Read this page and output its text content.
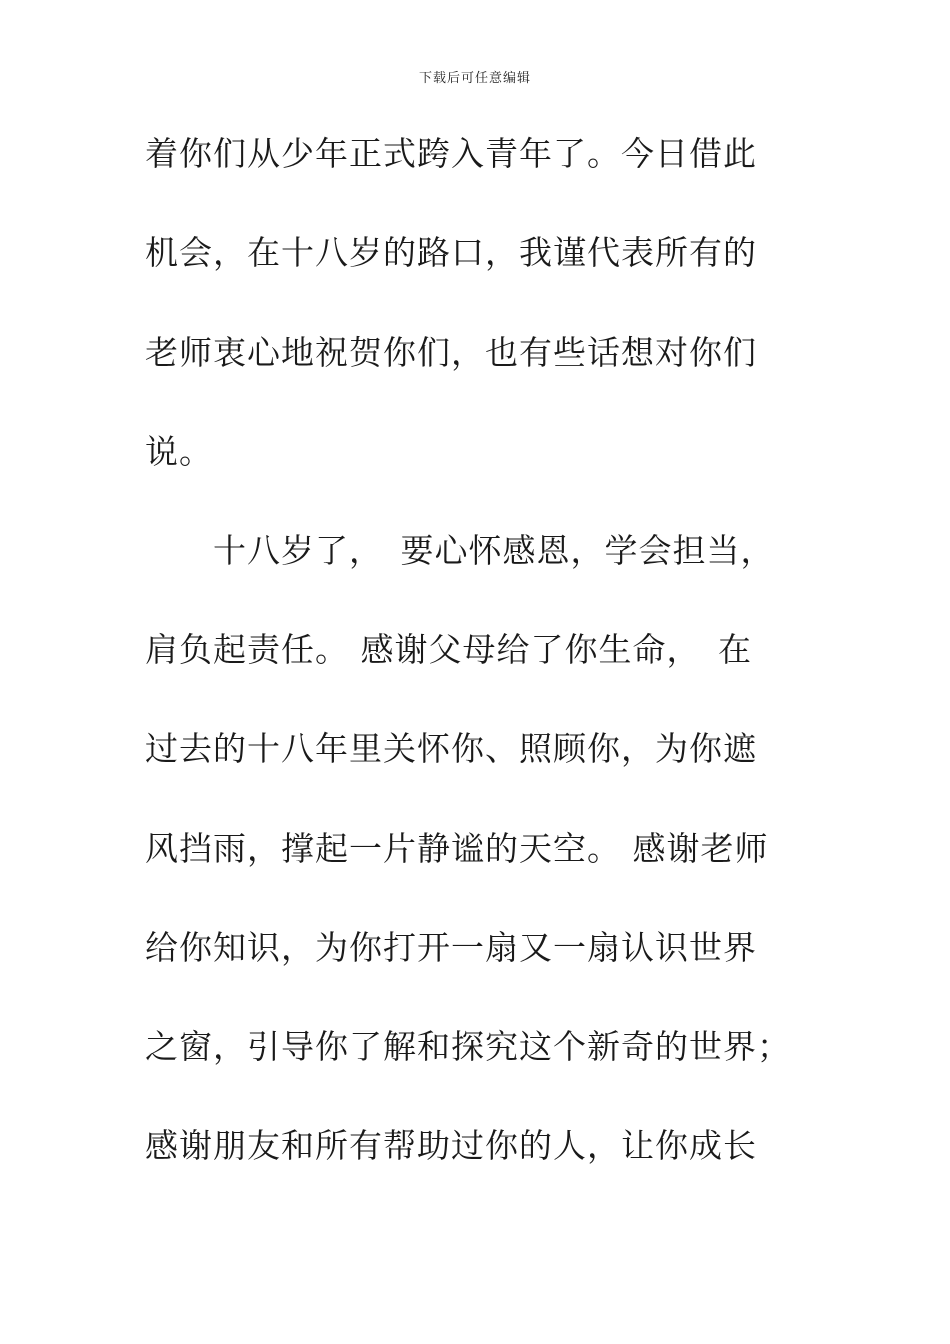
下载后可任意编辑
着你们从少年正式跨入青年了。今日借此
机会，在十八岁的路口，我谨代表所有的
老师衷心地祝贺你们，也有些话想对你们
说。
　　十八岁了，　要心怀感恩，学会担当，
肩负起责任。 感谢父母给了你生命，　在
过去的十八年里关怀你、照顾你，为你遮
风挡雨，撑起一片静谧的天空。 感谢老师
给你知识，为你打开一扇又一扇认识世界
之窗，引导你了解和探究这个新奇的世界；
感谢朋友和所有帮助过你的人，让你成长
